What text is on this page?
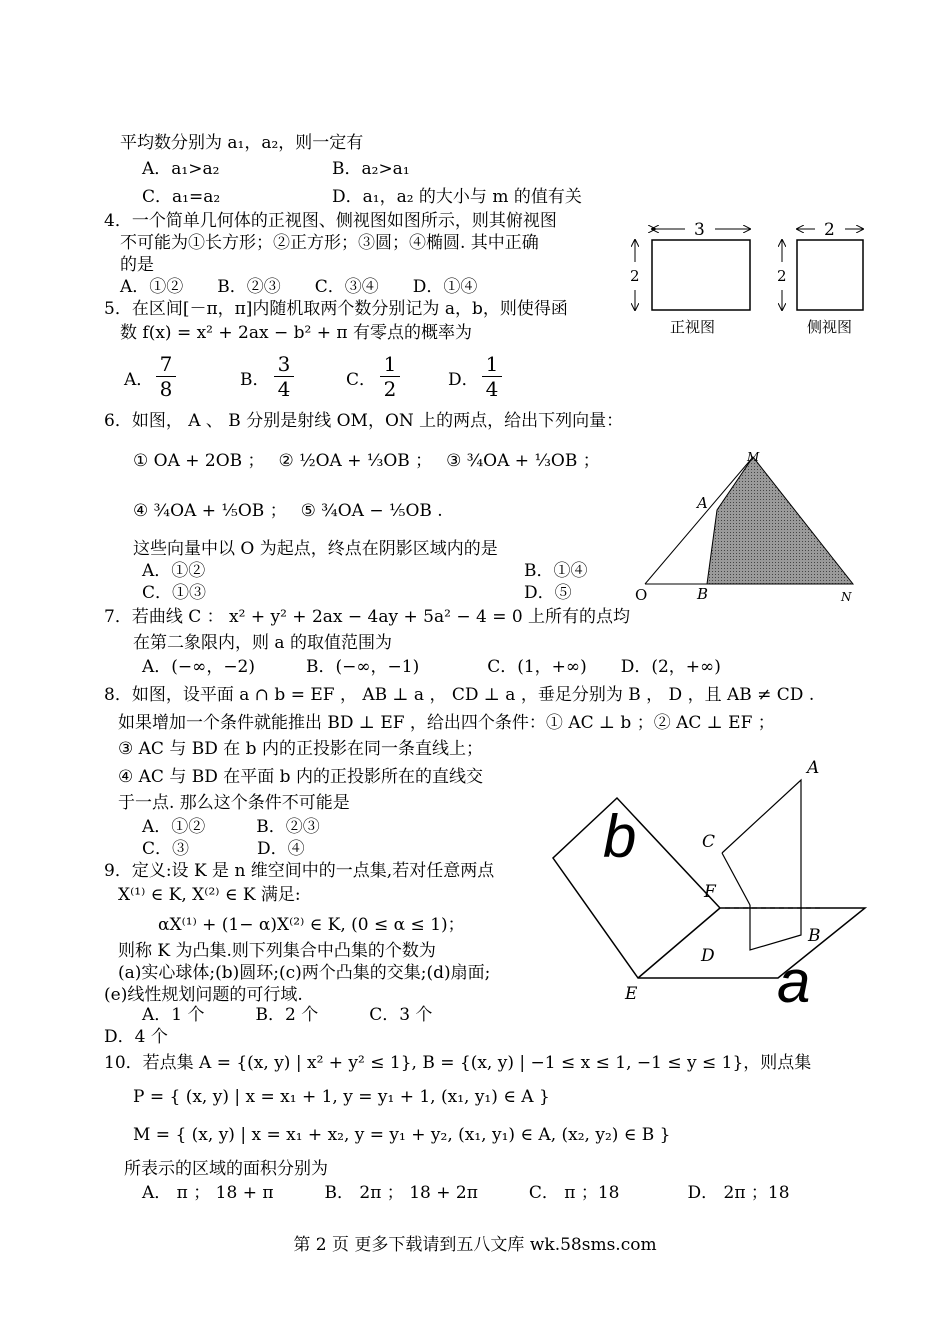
平均数分别为 a₁，a₂，则一定有
A．a₁>a₂	B．a₂>a₁
C．a₁=a₂	D．a₁，a₂ 的大小与 m 的值有关
4．一个简单几何体的正视图、侧视图如图所示，则其俯视图
不可能为①长方形；②正方形；③圆；④椭圆. 其中正确
的是
A．①②　　B．②③　　C．③④　　D．①④
5．在区间[－π，π]内随机取两个数分别记为 a，b，则使得函
数 f(x) = x² + 2ax − b² + π 有零点的概率为
A．	B．	C．	D．
6．如图， A 、 B 分别是射线 OM，ON 上的两点，给出下列向量：
① OA + 2OB ；　 ② ½OA + ⅓OB ；　 ③ ¾OA + ⅓OB ；
④ ¾OA + ⅕OB ；　 ⑤ ¾OA − ⅕OB .
这些向量中以 O 为起点，终点在阴影区域内的是
A．①②	B．①④
C．①③	D．⑤
7．若曲线 C ： x² + y² + 2ax − 4ay + 5a² − 4 = 0 上所有的点均
在第二象限内，则 a 的取值范围为
A．(−∞，−2)　　　B．(−∞，−1)　　　　C．(1，+∞)　　D．(2，+∞)
8．如图，设平面 a ∩ b = EF ， AB ⊥ a ， CD ⊥ a ，垂足分别为 B ， D ，且 AB ≠ CD .
如果增加一个条件就能推出 BD ⊥ EF ，给出四个条件：① AC ⊥ b ；② AC ⊥ EF ；
③ AC 与 BD 在 b 内的正投影在同一条直线上；
④ AC 与 BD 在平面 b 内的正投影所在的直线交
于一点. 那么这个条件不可能是
A．①②　　　B．②③
C．③　　　　D．④
9．定义:设 K 是 n 维空间中的一点集,若对任意两点
X⁽¹⁾ ∈ K, X⁽²⁾ ∈ K 满足:
αX⁽¹⁾ + (1− α)X⁽²⁾ ∈ K, (0 ≤ α ≤ 1)；
则称 K 为凸集.则下列集合中凸集的个数为
(a)实心球体;(b)圆环;(c)两个凸集的交集;(d)扇面;
(e)线性规划问题的可行域.
A．1 个　　　B．2 个　　　C．3 个
D．4 个
10．若点集 A = {(x, y) | x² + y² ≤ 1}, B = {(x, y) | −1 ≤ x ≤ 1, −1 ≤ y ≤ 1}，则点集
P = { (x, y) | x = x₁ + 1, y = y₁ + 1, (x₁, y₁) ∈ A }
M = { (x, y) | x = x₁ + x₂, y = y₁ + y₂, (x₁, y₁) ∈ A, (x₂, y₂) ∈ B }
所表示的区域的面积分别为
A． π ； 18 + π　　　B． 2π ； 18 + 2π　　　C． π ；18　　　　D． 2π ；18
3
2
正视图
2
2
侧视图
M
A
O	B	N
A
C
F
B
D
E
b
a
$\frac{7}{8}$	$\frac{3}{4}$	$\frac{1}{2}$	$\frac{1}{4}$
第 2 页 更多下载请到五八文库 wk.58sms.com
